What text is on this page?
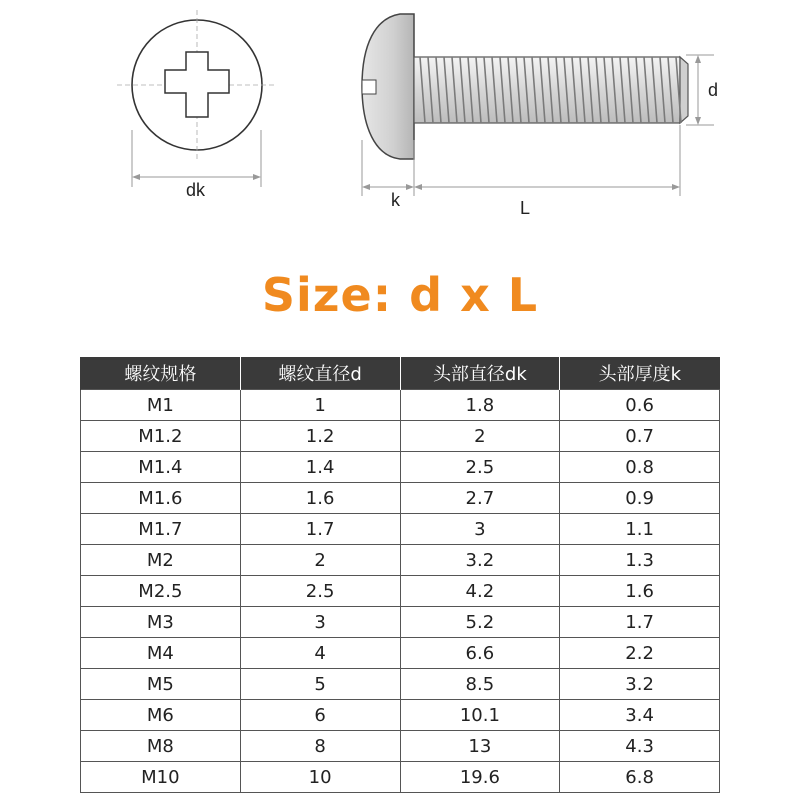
dk	k	L
d
Size: d x L
螺纹规格	螺纹直径d	头部直径dk	头部厚度k
M1	1	1.8	0.6
M1.2	1.2	2	0.7
M1.4	1.4	2.5	0.8
M1.6	1.6	2.7	0.9
M1.7	1.7	3	1.1
M2	2	3.2	1.3
M2.5	2.5	4.2	1.6
M3	3	5.2	1.7
M4	4	6.6	2.2
M5	5	8.5	3.2
M6	6	10.1	3.4
M8	8	13	4.3
M10	10	19.6	6.8
